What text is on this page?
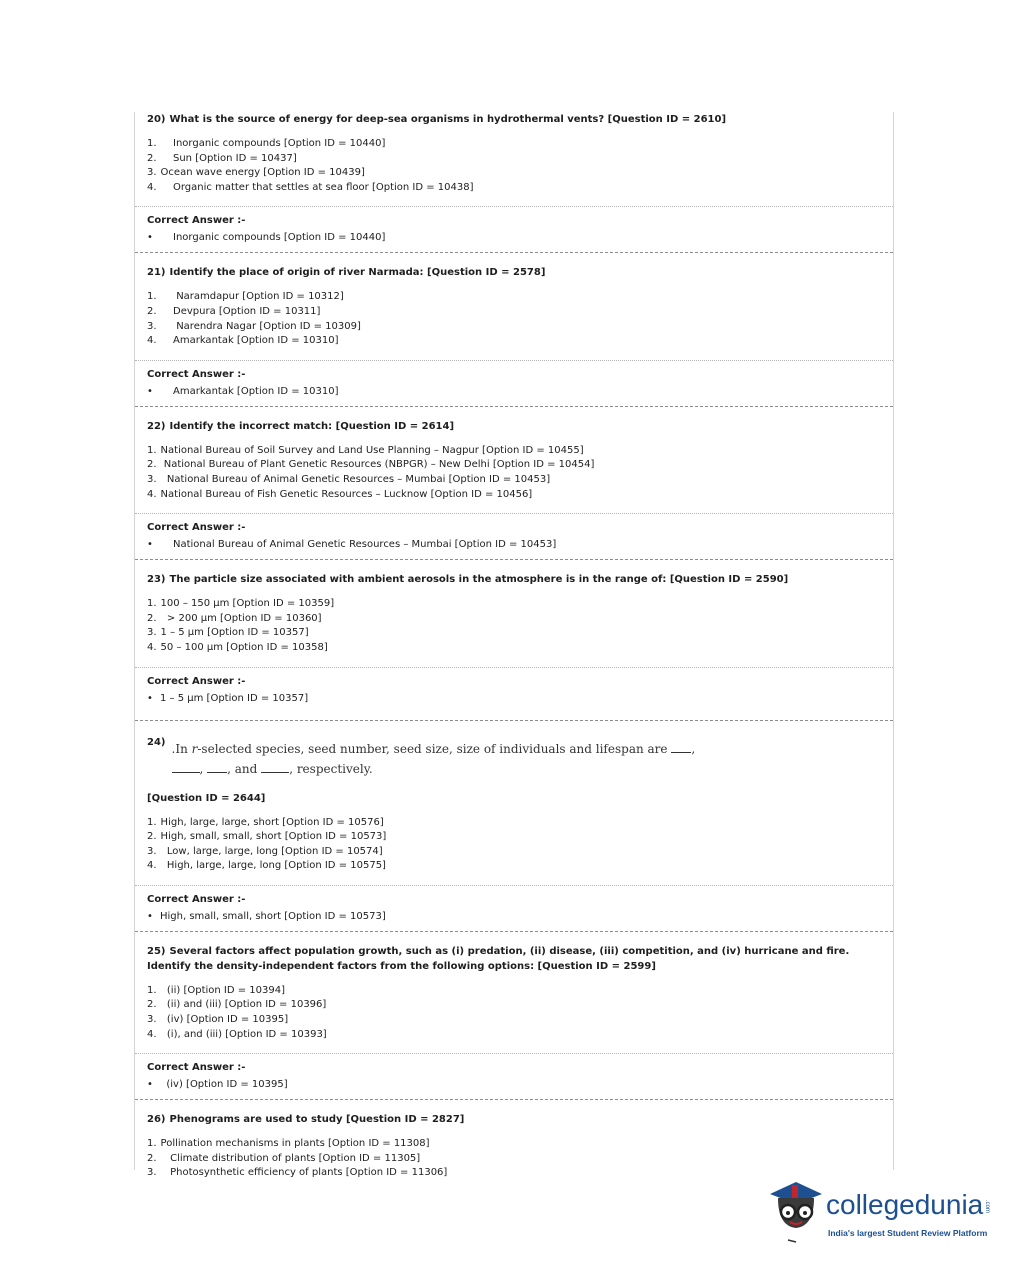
20) What is the source of energy for deep-sea organisms in hydrothermal vents? [Question ID = 2610]

1. Inorganic compounds [Option ID = 10440]
2. Sun [Option ID = 10437]
3. Ocean wave energy [Option ID = 10439]
4. Organic matter that settles at sea floor [Option ID = 10438]
Correct Answer :-
• Inorganic compounds [Option ID = 10440]

21) Identify the place of origin of river Narmada: [Question ID = 2578]

1. Naramdapur [Option ID = 10312]
2. Devpura [Option ID = 10311]
3. Narendra Nagar [Option ID = 10309]
4. Amarkantak [Option ID = 10310]
Correct Answer :-
• Amarkantak [Option ID = 10310]

22) Identify the incorrect match: [Question ID = 2614]

1. National Bureau of Soil Survey and Land Use Planning – Nagpur [Option ID = 10455]
2. National Bureau of Plant Genetic Resources (NBPGR) – New Delhi [Option ID = 10454]
3. National Bureau of Animal Genetic Resources – Mumbai [Option ID = 10453]
4. National Bureau of Fish Genetic Resources – Lucknow [Option ID = 10456]
Correct Answer :-
• National Bureau of Animal Genetic Resources – Mumbai [Option ID = 10453]

23) The particle size associated with ambient aerosols in the atmosphere is in the range of: [Question ID = 2590]

1. 100 – 150 µm [Option ID = 10359]
2. > 200 µm [Option ID = 10360]
3. 1 – 5 µm [Option ID = 10357]
4. 50 – 100 µm [Option ID = 10358]
Correct Answer :-
• 1 – 5 µm [Option ID = 10357]
24) .In r-selected species, seed number, seed size, size of individuals and lifespan are ,
, , and	, respectively.
[Question ID = 2644]
1. High, large, large, short [Option ID = 10576]
2. High, small, small, short [Option ID = 10573]
3. Low, large, large, long [Option ID = 10574]
4. High, large, large, long [Option ID = 10575]
Correct Answer :-
• High, small, small, short [Option ID = 10573]

25) Several factors affect population growth, such as (i) predation, (ii) disease, (iii) competition, and (iv) hurricane and fire. Identify the density-independent factors from the following options: [Question ID = 2599]

1. (ii) [Option ID = 10394]
2. (ii) and (iii) [Option ID = 10396]
3. (iv) [Option ID = 10395]
4. (i), and (iii) [Option ID = 10393]
Correct Answer :-
• (iv) [Option ID = 10395]

26) Phenograms are used to study [Question ID = 2827]

1. Pollination mechanisms in plants [Option ID = 11308]
2. Climate distribution of plants [Option ID = 11305]
3. Photosynthetic efficiency of plants [Option ID = 11306]
collegedunia .com
India's largest Student Review Platform
